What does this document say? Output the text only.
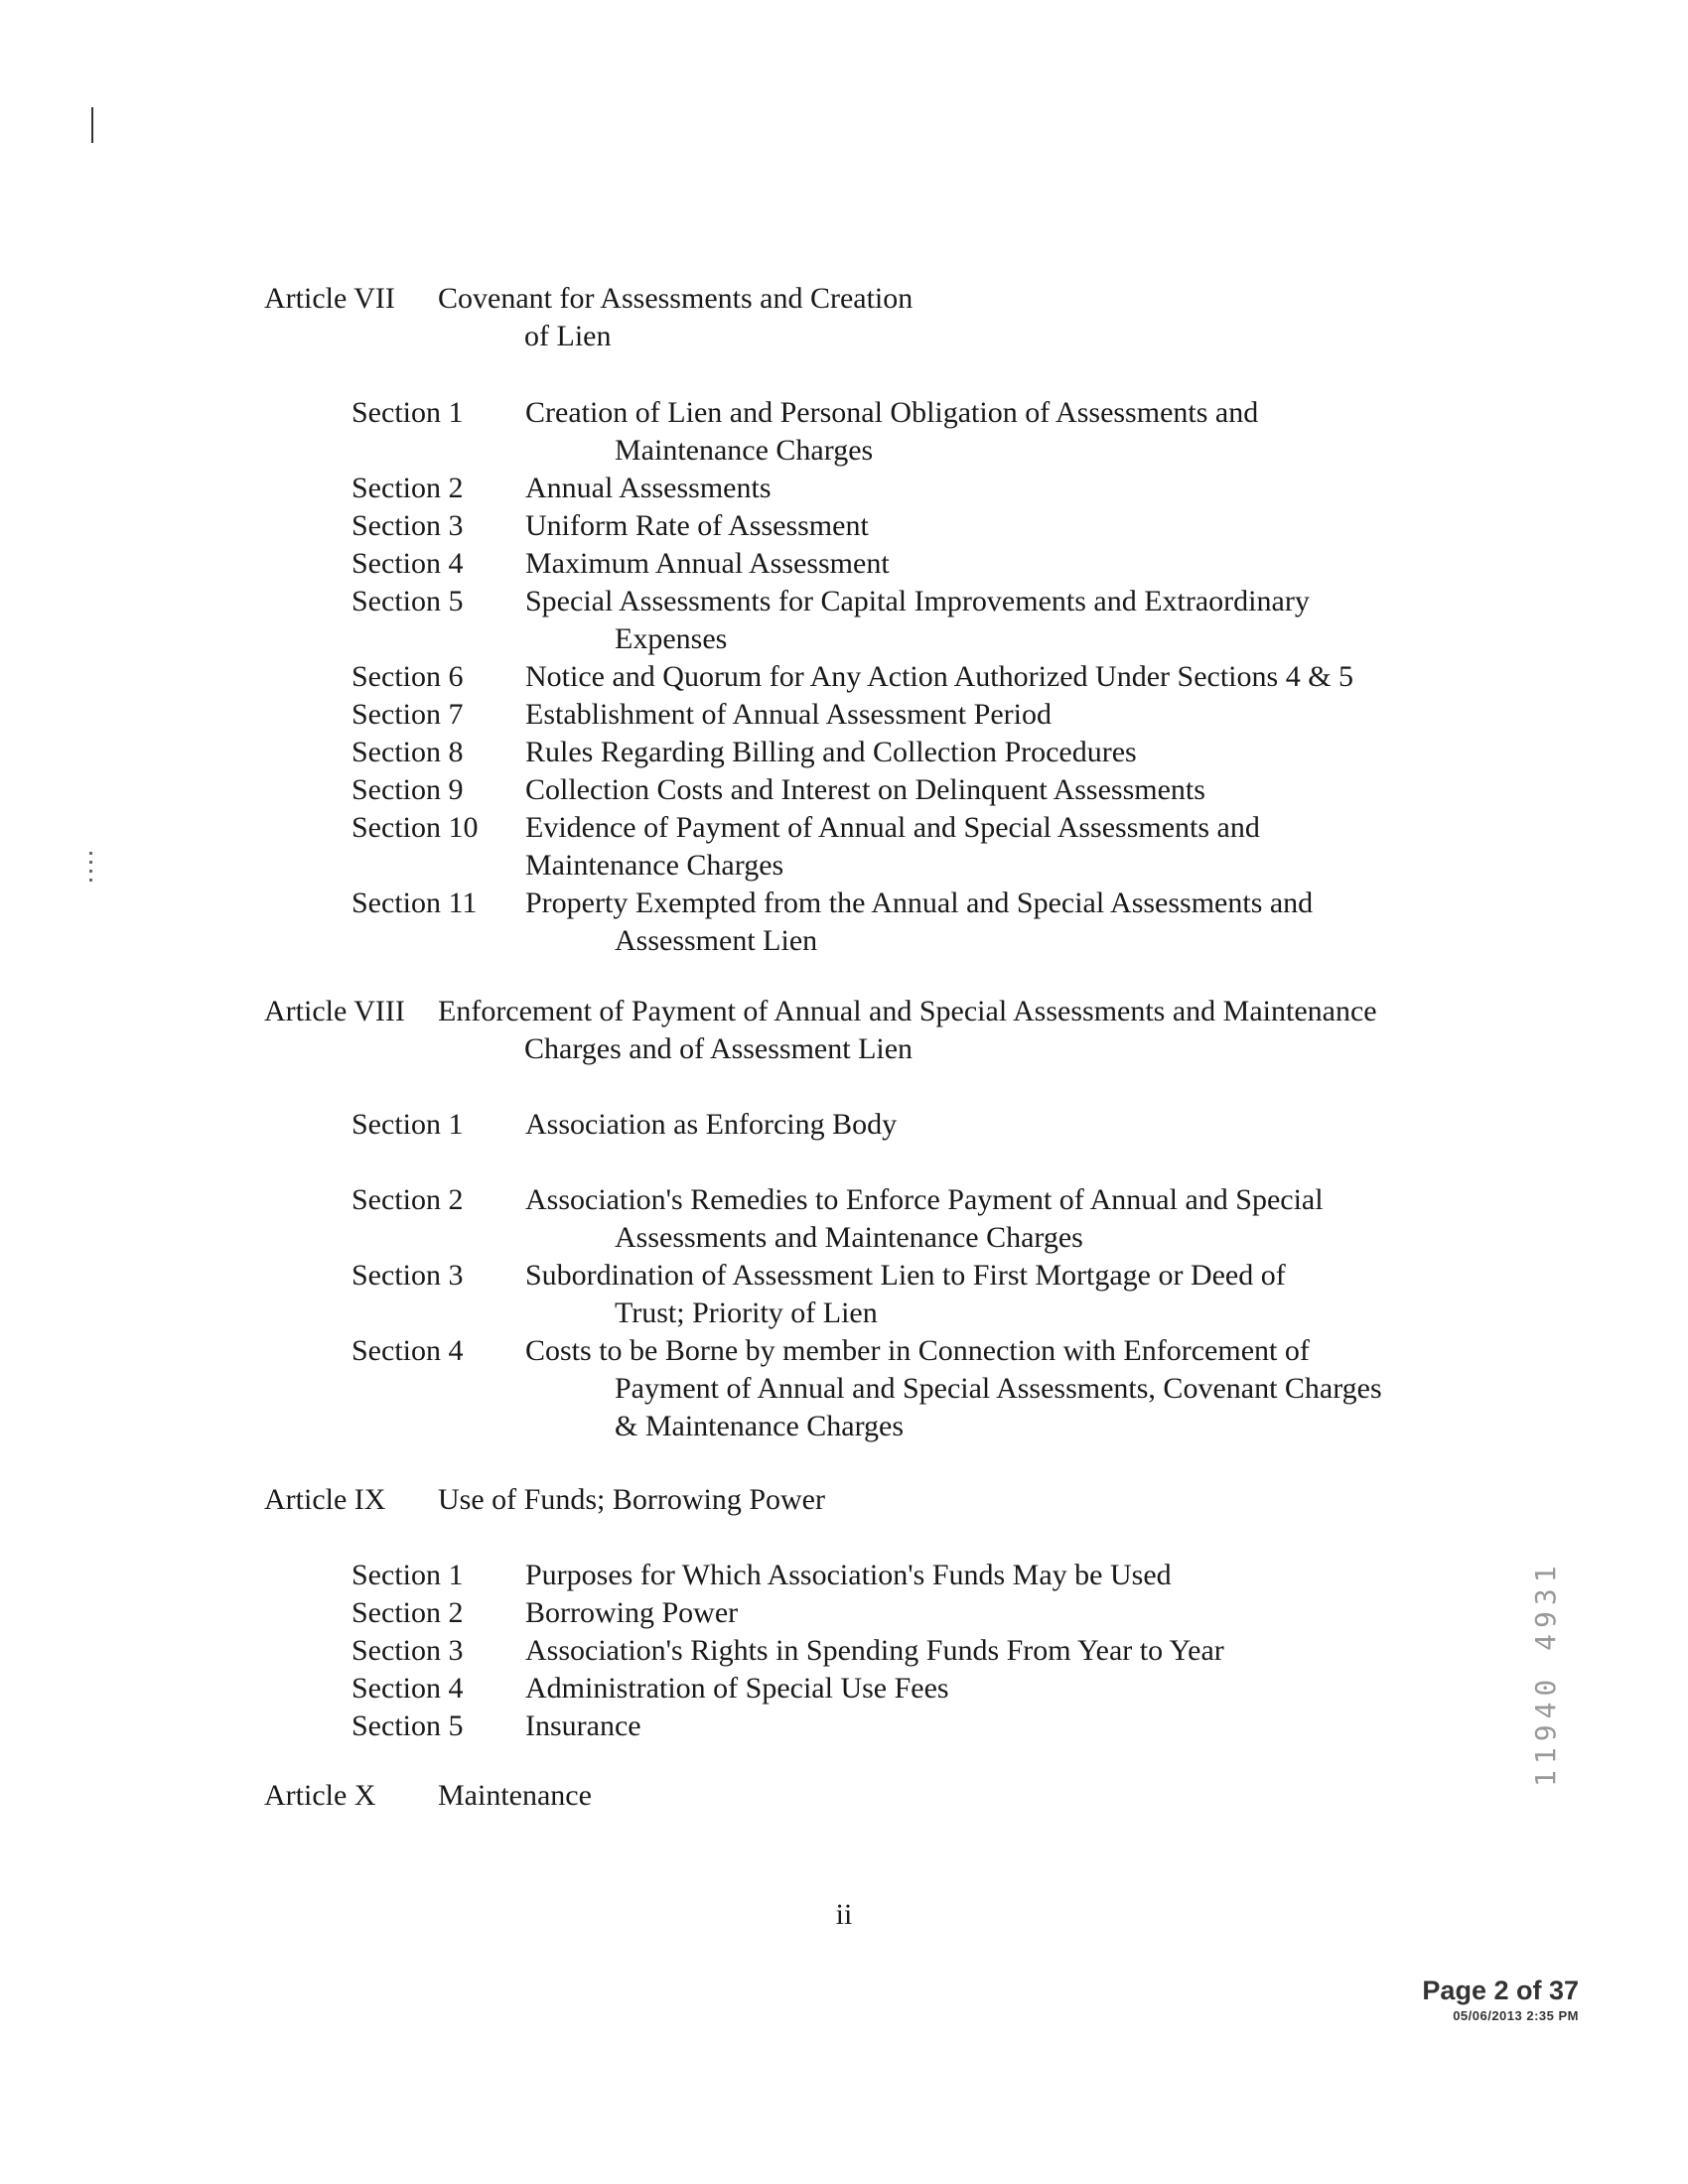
Article VII Covenant for Assessments and Creation
of Lien
Section 1 Creation of Lien and Personal Obligation of Assessments and
Maintenance Charges
Section 2 Annual Assessments
Section 3 Uniform Rate of Assessment
Section 4 Maximum Annual Assessment
Section 5 Special Assessments for Capital Improvements and Extraordinary
Expenses
Section 6 Notice and Quorum for Any Action Authorized Under Sections 4 & 5
Section 7 Establishment of Annual Assessment Period
Section 8 Rules Regarding Billing and Collection Procedures
Section 9 Collection Costs and Interest on Delinquent Assessments
Section 10 Evidence of Payment of Annual and Special Assessments and
Maintenance Charges
Section 11 Property Exempted from the Annual and Special Assessments and
Assessment Lien
Article VIII Enforcement of Payment of Annual and Special Assessments and Maintenance
Charges and of Assessment Lien
Section 1 Association as Enforcing Body
Section 2 Association's Remedies to Enforce Payment of Annual and Special
Assessments and Maintenance Charges
Section 3 Subordination of Assessment Lien to First Mortgage or Deed of
Trust; Priority of Lien
Section 4 Costs to be Borne by member in Connection with Enforcement of
Payment of Annual and Special Assessments, Covenant Charges
& Maintenance Charges
Article IX Use of Funds; Borrowing Power
Section 1 Purposes for Which Association's Funds May be Used
Section 2 Borrowing Power
Section 3 Association's Rights in Spending Funds From Year to Year
Section 4 Administration of Special Use Fees
Section 5 Insurance
Article X Maintenance
ii
11940 4931
Page 2 of 37
05/06/2013 2:35 PM
